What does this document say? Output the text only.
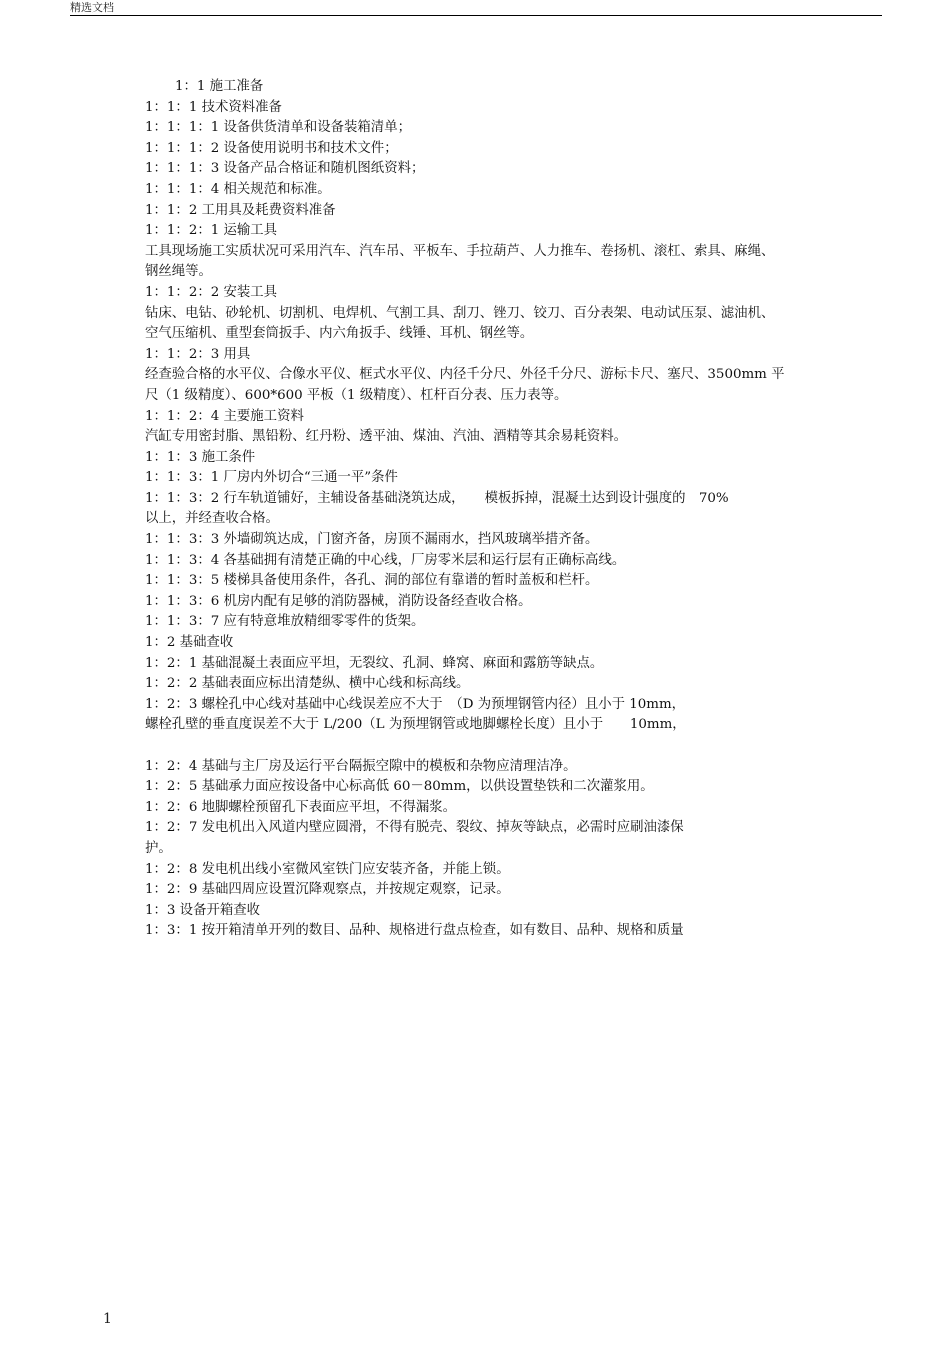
精选文档
1：1 施工准备
1：1：1 技术资料准备
1：1：1：1 设备供货清单和设备装箱清单；
1：1：1：2 设备使用说明书和技术文件；
1：1：1：3 设备产品合格证和随机图纸资料；
1：1：1：4 相关规范和标准。
1：1：2 工用具及耗费资料准备
1：1：2：1 运输工具
工具现场施工实质状况可采用汽车、汽车吊、平板车、手拉葫芦、人力推车、卷扬机、滚杠、索具、麻绳、
钢丝绳等。
1：1：2：2 安装工具
钻床、电钻、砂轮机、切割机、电焊机、气割工具、刮刀、锉刀、铰刀、百分表架、电动试压泵、滤油机、
空气压缩机、重型套筒扳手、内六角扳手、线锤、耳机、钢丝等。
1：1：2：3 用具
经查验合格的水平仪、合像水平仪、框式水平仪、内径千分尺、外径千分尺、游标卡尺、塞尺、3500mm 平
尺（1 级精度）、600*600 平板（1 级精度）、杠杆百分表、压力表等。
1：1：2：4 主要施工资料
汽缸专用密封脂、黑铅粉、红丹粉、透平油、煤油、汽油、酒精等其余易耗资料。
1：1：3 施工条件
1：1：3：1 厂房内外切合“三通一平”条件
1：1：3：2 行车轨道铺好，主辅设备基础浇筑达成，　　模板拆掉，混凝土达到设计强度的　70%
以上，并经查收合格。
1：1：3：3 外墙砌筑达成，门窗齐备，房顶不漏雨水，挡风玻璃举措齐备。
1：1：3：4 各基础拥有清楚正确的中心线，厂房零米层和运行层有正确标高线。
1：1：3：5 楼梯具备使用条件，各孔、洞的部位有靠谱的暂时盖板和栏杆。
1：1：3：6 机房内配有足够的消防器械，消防设备经查收合格。
1：1：3：7 应有特意堆放精细零零件的货架。
1：2 基础查收
1：2：1 基础混凝土表面应平坦，无裂纹、孔洞、蜂窝、麻面和露筋等缺点。
1：2：2 基础表面应标出清楚纵、横中心线和标高线。
1：2：3 螺栓孔中心线对基础中心线误差应不大于　（D 为预埋钢管内径）且小于 10mm，
螺栓孔壁的垂直度误差不大于 L/200（L 为预埋钢管或地脚螺栓长度）且小于　　10mm，
1：2：4 基础与主厂房及运行平台隔振空隙中的模板和杂物应清理洁净。
1：2：5 基础承力面应按设备中心标高低 60－80mm，以供设置垫铁和二次灌浆用。
1：2：6 地脚螺栓预留孔下表面应平坦，不得漏浆。
1：2：7 发电机出入风道内壁应圆滑，不得有脱壳、裂纹、掉灰等缺点，必需时应刷油漆保
护。
1：2：8 发电机出线小室微风室铁门应安装齐备，并能上锁。
1：2：9 基础四周应设置沉降观察点，并按规定观察，记录。
1：3 设备开箱查收
1：3：1 按开箱清单开列的数目、品种、规格进行盘点检查，如有数目、品种、规格和质量
1
